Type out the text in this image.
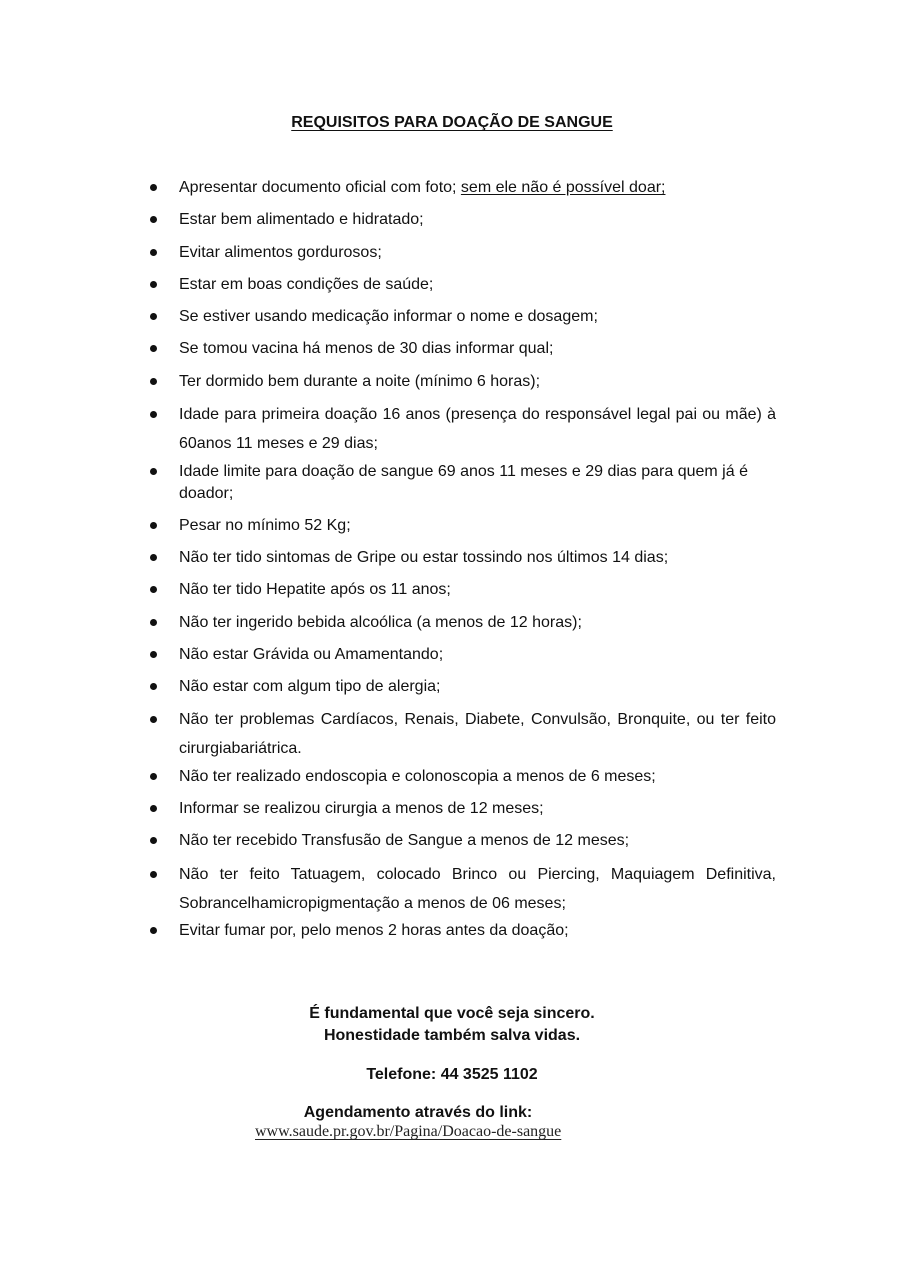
REQUISITOS PARA DOAÇÃO DE SANGUE
Apresentar documento oficial com foto; sem ele não é possível doar;
Estar bem alimentado e hidratado;
Evitar alimentos gordurosos;
Estar em boas condições de saúde;
Se estiver usando medicação informar o nome e dosagem;
Se tomou vacina há menos de 30 dias informar qual;
Ter dormido bem durante a noite (mínimo 6 horas);
Idade para primeira doação 16 anos (presença do responsável legal pai ou mãe) à 60anos 11 meses e 29 dias;
Idade limite para doação de sangue 69 anos 11 meses e 29 dias para quem já é doador;
Pesar no mínimo 52 Kg;
Não ter tido sintomas de Gripe ou estar tossindo nos últimos 14 dias;
Não ter tido Hepatite após os 11 anos;
Não ter ingerido bebida alcoólica (a menos de 12 horas);
Não estar Grávida ou Amamentando;
Não estar com algum tipo de alergia;
Não ter problemas Cardíacos, Renais, Diabete, Convulsão, Bronquite, ou ter feito cirurgiabariátrica.
Não ter realizado endoscopia e colonoscopia a menos de 6 meses;
Informar se realizou cirurgia a menos de 12 meses;
Não ter recebido Transfusão de Sangue a menos de 12 meses;
Não ter feito Tatuagem, colocado Brinco ou Piercing, Maquiagem Definitiva, Sobrancelhamicropigmentação a menos de 06 meses;
Evitar fumar por, pelo menos 2 horas antes da doação;

É fundamental que você seja sincero.

Honestidade também salva vidas.

Telefone: 44 3525 1102

Agendamento através do link:

www.saude.pr.gov.br/Pagina/Doacao-de-sangue
